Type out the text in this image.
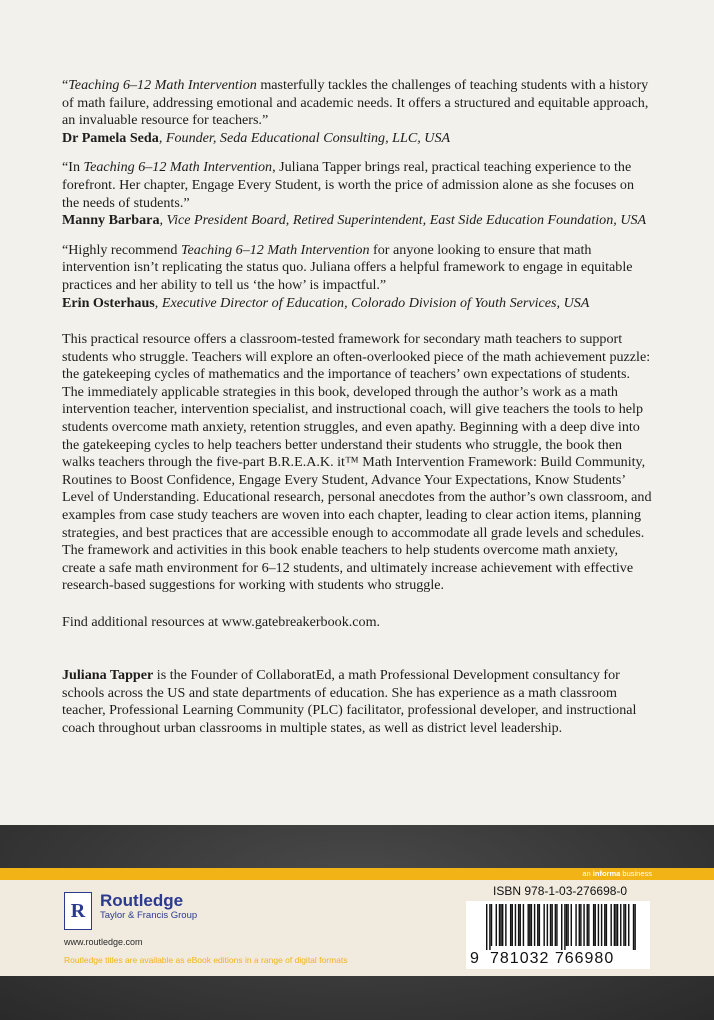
“Teaching 6–12 Math Intervention masterfully tackles the challenges of teaching students with a history of math failure, addressing emotional and academic needs. It offers a structured and equitable approach, an invaluable resource for teachers.”

Dr Pamela Seda, Founder, Seda Educational Consulting, LLC, USA

“In Teaching 6–12 Math Intervention, Juliana Tapper brings real, practical teaching experience to the forefront. Her chapter, Engage Every Student, is worth the price of admission alone as she focuses on the needs of students.”

Manny Barbara, Vice President Board, Retired Superintendent, East Side Education Foundation, USA

“Highly recommend Teaching 6–12 Math Intervention for anyone looking to ensure that math intervention isn’t replicating the status quo. Juliana offers a helpful framework to engage in equitable practices and her ability to tell us ‘the how’ is impactful.”

Erin Osterhaus, Executive Director of Education, Colorado Division of Youth Services, USA

This practical resource offers a classroom-tested framework for secondary math teachers to support students who struggle. Teachers will explore an often-overlooked piece of the math achievement puzzle: the gatekeeping cycles of mathematics and the importance of teachers’ own expectations of students. The immediately applicable strategies in this book, developed through the author’s work as a math intervention teacher, intervention specialist, and instructional coach, will give teachers the tools to help students overcome math anxiety, retention struggles, and even apathy. Beginning with a deep dive into the gatekeeping cycles to help teachers better understand their students who struggle, the book then walks teachers through the five-part B.R.E.A.K. it™ Math Intervention Framework: Build Community, Routines to Boost Confidence, Engage Every Student, Advance Your Expectations, Know Students’ Level of Understanding. Educational research, personal anecdotes from the author’s own classroom, and examples from case study teachers are woven into each chapter, leading to clear action items, planning strategies, and best practices that are accessible enough to accommodate all grade levels and schedules. The framework and activities in this book enable teachers to help students overcome math anxiety, create a safe math environment for 6–12 students, and ultimately increase achievement with effective research-based suggestions for working with students who struggle.
Find additional resources at www.gatebreakerbook.com.
Juliana Tapper is the Founder of CollaboratEd, a math Professional Development consultancy for schools across the US and state departments of education. She has experience as a math classroom teacher, Professional Learning Community (PLC) facilitator, professional developer, and instructional coach throughout urban classrooms in multiple states, as well as district level leadership.
an informa business
R Routledge
Taylor & Francis Group
www.routledge.com
Routledge titles are available as eBook editions in a range of digital formats
ISBN 978-1-03-276698-0
9 781032 766980
